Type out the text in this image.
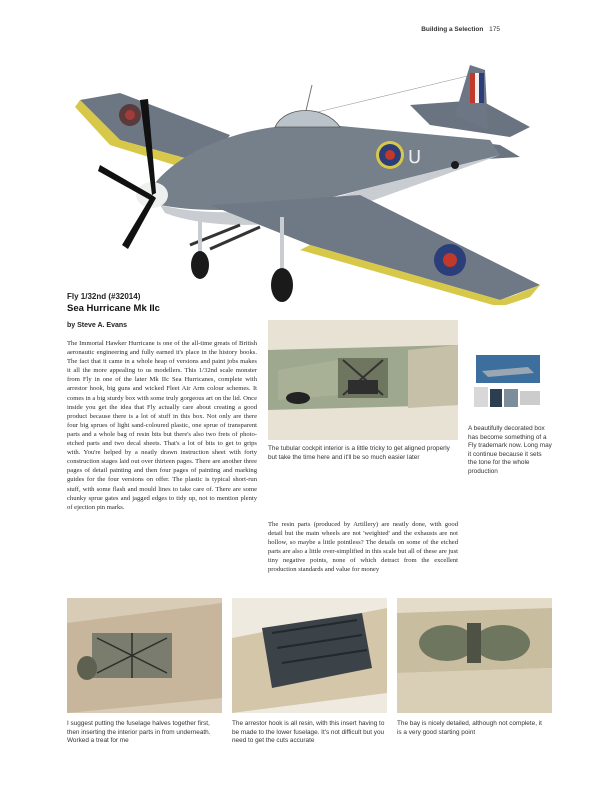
Building a Selection 175
U
Fly 1/32nd (#32014)
Sea Hurricane Mk IIc
by Steve A. Evans
The Immortal Hawker Hurricane is one of the all-time greats of British aeronautic engineering and fully earned it's place in the history books. The fact that it came in a whole heap of versions and paint jobs makes it all the more appealing to us modellers. This 1/32nd scale monster from Fly in one of the later Mk IIc Sea Hurricanes, complete with arrestor hook, big guns and wicked Fleet Air Arm colour schemes. It comes in a big sturdy box with some truly gorgeous art on the lid. Once inside you get the idea that Fly actually care about creating a good product because there is a lot of stuff in this box. Not only are there four big sprues of light sand-coloured plastic, one sprue of transparent parts and a whole bag of resin bits but there's also two frets of photo-etched parts and two decal sheets. That's a lot of bits to get to grips with. You're helped by a neatly drawn instruction sheet with forty construction stages laid out over thirteen pages. There are another three pages of detail painting and then four pages of painting and marking guides for the four versions on offer. The plastic is typical short-run stuff, with some flash and mould lines to take care of. There are some chunky sprue gates and jagged edges to tidy up, not to mention plenty of ejection pin marks.
The tubular cockpit interior is a little tricky to get aligned properly but take the time here and it'll be so much easier later
A beautifully decorated box has become something of a Fly trademark now. Long may it continue because it sets the tone for the whole production
The resin parts (produced by Artillery) are neatly done, with good detail but the main wheels are not 'weighted' and the exhausts are not hollow, so maybe a little pointless? The details on some of the etched parts are also a little over-simplified in this scale but all of these are just tiny negative points, none of which detract from the excellent production standards and value for money
I suggest putting the fuselage halves together first, then inserting the interior parts in from underneath. Worked a treat for me
The arrestor hook is all resin, with this insert having to be made to the lower fuselage. It's not difficult but you need to get the cuts accurate
The bay is nicely detailed, although not complete, it is a very good starting point
